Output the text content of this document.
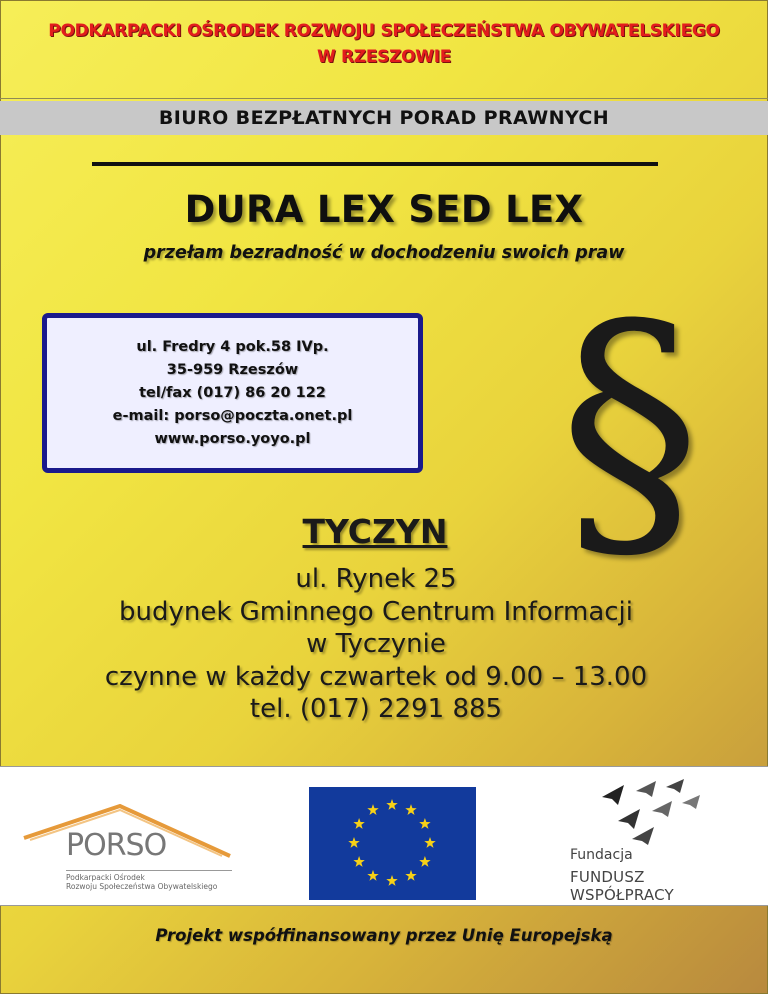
PODKARPACKI OŚRODEK ROZWOJU SPOŁECZEŃSTWA OBYWATELSKIEGO
W RZESZOWIE
BIURO BEZPŁATNYCH PORAD PRAWNYCH
DURA LEX SED LEX
przełam bezradność w dochodzeniu swoich praw
ul. Fredry 4 pok.58 IVp.
35-959 Rzeszów
tel/fax (017) 86 20 122
e-mail: porso@poczta.onet.pl
www.porso.yoyo.pl §
TYCZYN
ul. Rynek 25
budynek Gminnego Centrum Informacji
w Tyczynie
czynne w każdy czwartek od 9.00 – 13.00
tel. (017) 2291 885
PORSO
Podkarpacki Ośrodek
Rozwoju Społeczeństwa Obywatelskiego
Fundacja
FUNDUSZ WSPÓŁPRACY
Projekt współfinansowany przez Unię Europejską
